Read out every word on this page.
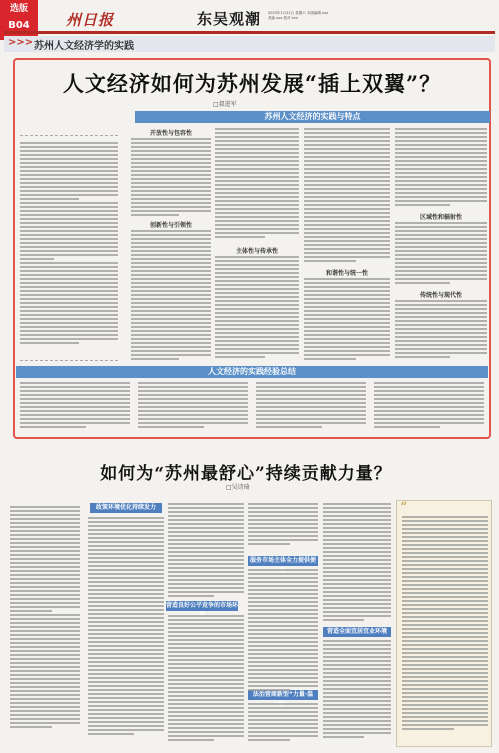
选版
B04	州日报	东吴观潮 2023年1月21日 星期六 本版编辑 xxx 美编 xxx 校对 xxx
>>> 苏州人文经济学的实践
人文经济如何为苏州发展“插上双翼”？
□叔进军
苏州人文经济的实践与特点
开放性与包容性
创新性与引领性
主体性与传承性
和谐性与统一性
区域性和辐射性
传统性与现代性
人文经济的实践经验总结
如何为“苏州最舒心”持续贡献力量？
□吴诗琦
政策环境优化持续发力
营造良好公平竞争的市场环
服务市场主体全力提供便
法治营商新型“力量·温
营造全面宜居宜业环境
“
